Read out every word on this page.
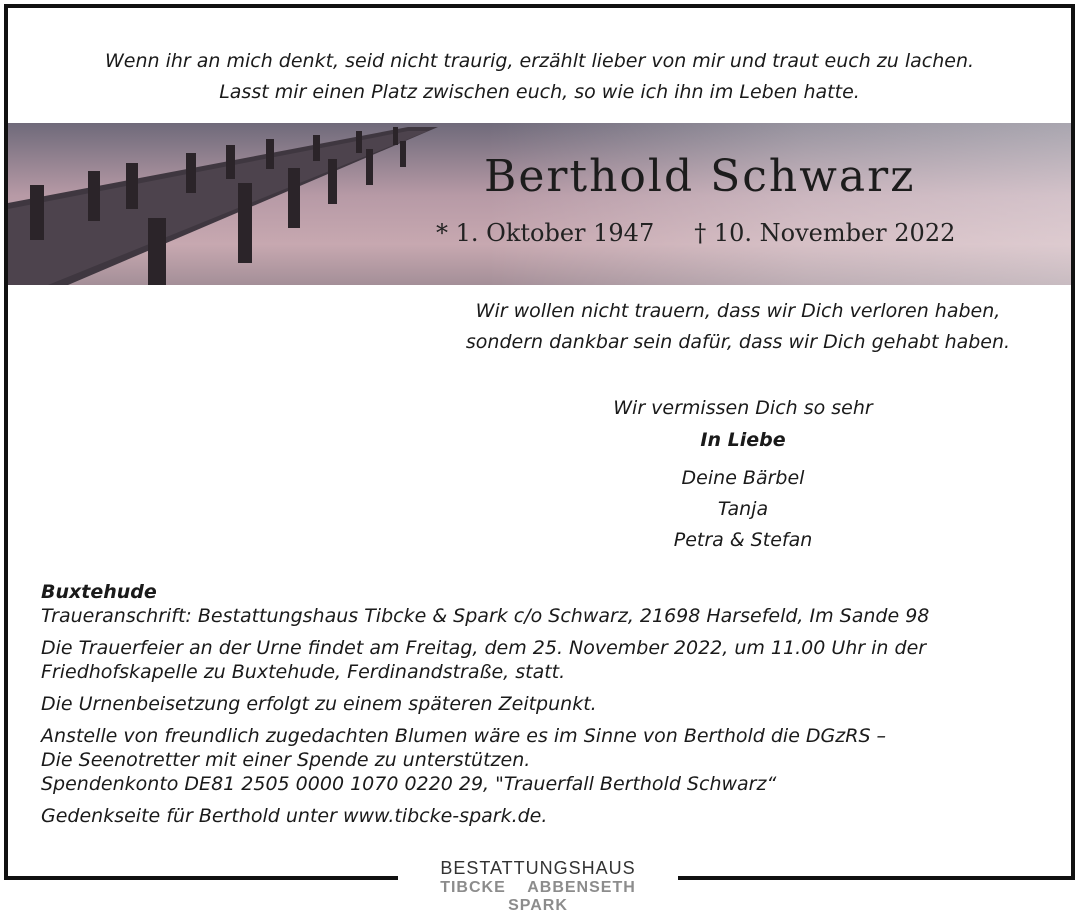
Wenn ihr an mich denkt, seid nicht traurig, erzählt lieber von mir und traut euch zu lachen.
Lasst mir einen Platz zwischen euch, so wie ich ihn im Leben hatte.
Berthold Schwarz
* 1. Oktober 1947 † 10. November 2022
Wir wollen nicht trauern, dass wir Dich verloren haben,
sondern dankbar sein dafür, dass wir Dich gehabt haben.
Wir vermissen Dich so sehr
In Liebe
Deine Bärbel
Tanja
Petra & Stefan

Buxtehude

Traueranschrift: Bestattungshaus Tibcke & Spark c/o Schwarz, 21698 Harsefeld, Im Sande 98

Die Trauerfeier an der Urne findet am Freitag, dem 25. November 2022, um 11.00 Uhr in der

Friedhofskapelle zu Buxtehude, Ferdinandstraße, statt.

Die Urnenbeisetzung erfolgt zu einem späteren Zeitpunkt.

Anstelle von freundlich zugedachten Blumen wäre es im Sinne von Berthold die DGzRS –

Die Seenotretter mit einer Spende zu unterstützen.

Spendenkonto DE81 2505 0000 1070 0220 29, "Trauerfall Berthold Schwarz“

Gedenkseite für Berthold unter www.tibcke-spark.de.

BESTATTUNGSHAUS
TIBCKE ABBENSETH SPARK
